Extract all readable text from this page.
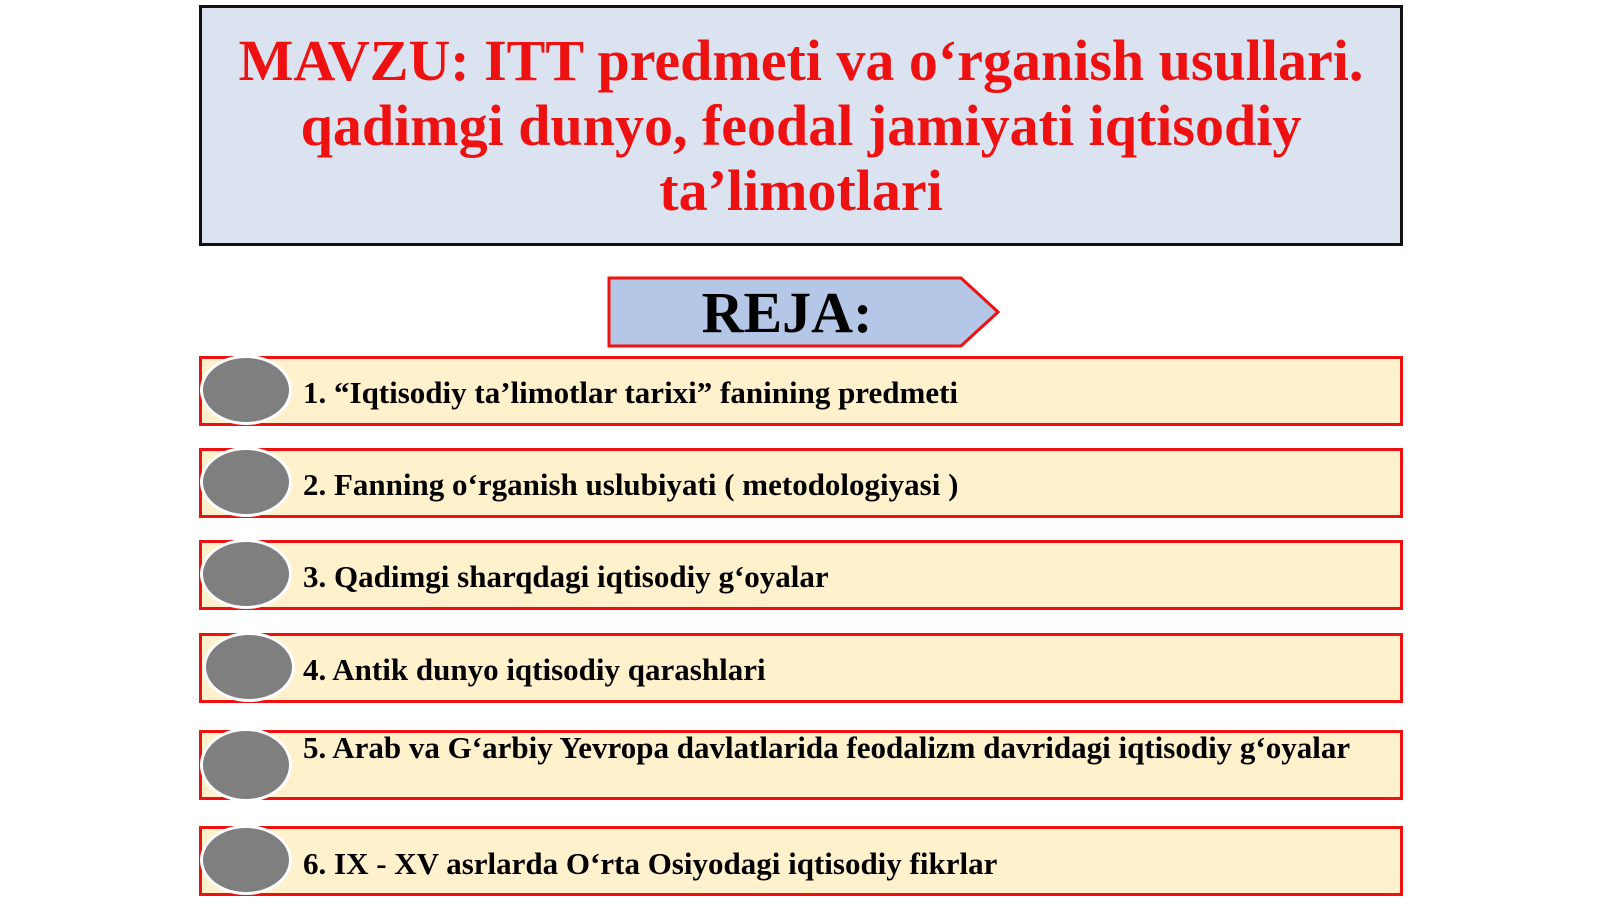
MAVZU: ITT predmeti va o‘rganish usullari.
qadimgi dunyo, feodal jamiyati iqtisodiy
ta’limotlari
REJA:
1. “Iqtisodiy ta’limotlar tarixi” fanining predmeti
2. Fanning o‘rganish uslubiyati ( metodologiyasi )
3. Qadimgi sharqdagi iqtisodiy g‘oyalar
4. Antik dunyo iqtisodiy qarashlari
5. Arab va G‘arbiy Yevropa davlatlarida feodalizm davridagi iqtisodiy g‘oyalar
6. IX - XV asrlarda O‘rta Osiyodagi iqtisodiy fikrlar
